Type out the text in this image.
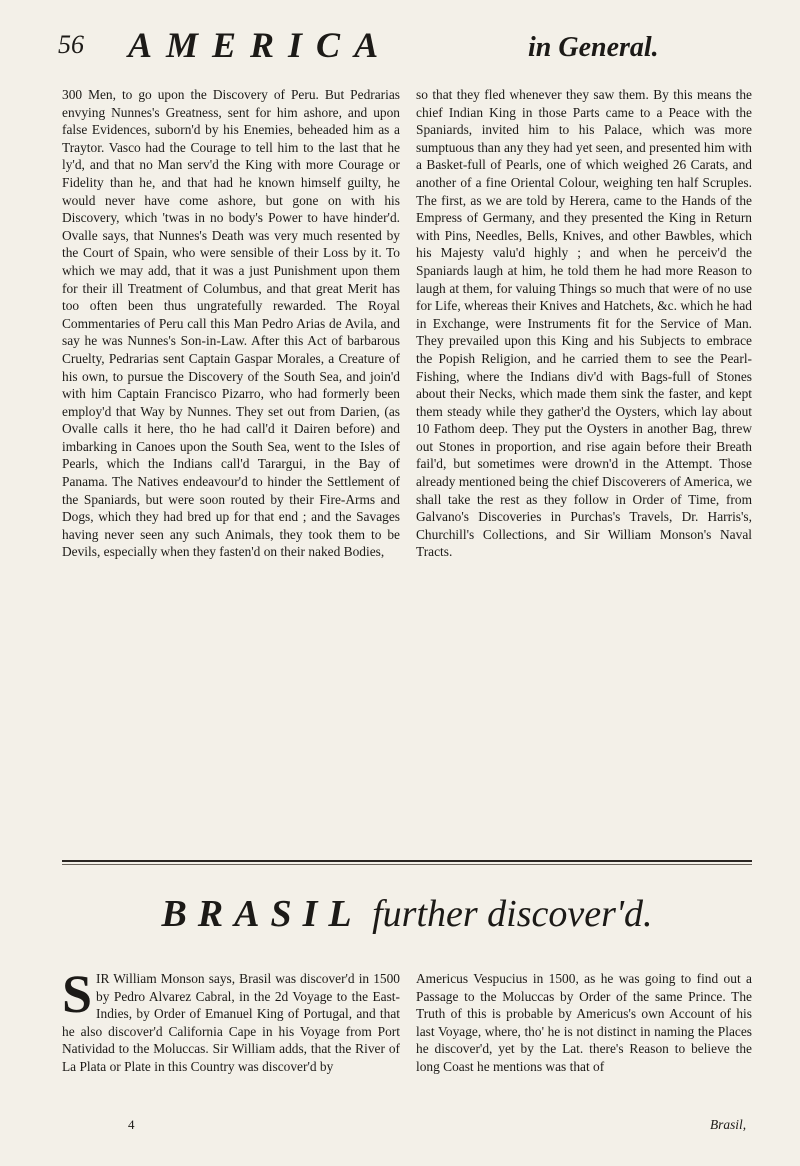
56 AMERICA	in General.

300 Men, to go upon the Discovery of Peru. But Pedrarias envying Nunnes's Greatness, sent for him ashore, and upon false Evidences, suborn'd by his Enemies, beheaded him as a Traytor. Vasco had the Courage to tell him to the last that he ly'd, and that no Man serv'd the King with more Courage or Fidelity than he, and that had he known himself guilty, he would never have come ashore, but gone on with his Discovery, which 'twas in no body's Power to have hinder'd. Ovalle says, that Nunnes's Death was very much resented by the Court of Spain, who were sensible of their Loss by it. To which we may add, that it was a just Punishment upon them for their ill Treatment of Columbus, and that great Merit has too often been thus ungratefully rewarded. The Royal Commentaries of Peru call this Man Pedro Arias de Avila, and say he was Nunnes's Son-in-Law. After this Act of barbarous Cruelty, Pedrarias sent Captain Gaspar Morales, a Creature of his own, to pursue the Discovery of the South Sea, and join'd with him Captain Francisco Pizarro, who had formerly been employ'd that Way by Nunnes. They set out from Darien, (as Ovalle calls it here, tho he had call'd it Dairen before) and imbarking in Canoes upon the South Sea, went to the Isles of Pearls, which the Indians call'd Tarargui, in the Bay of Panama. The Natives endeavour'd to hinder the Settlement of the Spaniards, but were soon routed by their Fire-Arms and Dogs, which they had bred up for that end ; and the Savages having never seen any such Animals, they took them to be Devils, especially when they fasten'd on their naked Bodies,

so that they fled whenever they saw them. By this means the chief Indian King in those Parts came to a Peace with the Spaniards, invited him to his Palace, which was more sumptuous than any they had yet seen, and presented him with a Basket-full of Pearls, one of which weighed 26 Carats, and another of a fine Oriental Colour, weighing ten half Scruples. The first, as we are told by Herera, came to the Hands of the Empress of Germany, and they presented the King in Return with Pins, Needles, Bells, Knives, and other Bawbles, which his Majesty valu'd highly ; and when he perceiv'd the Spaniards laugh at him, he told them he had more Reason to laugh at them, for valuing Things so much that were of no use for Life, whereas their Knives and Hatchets, &c. which he had in Exchange, were Instruments fit for the Service of Man. They prevailed upon this King and his Subjects to embrace the Popish Religion, and he carried them to see the Pearl-Fishing, where the Indians div'd with Bags-full of Stones about their Necks, which made them sink the faster, and kept them steady while they gather'd the Oysters, which lay about 10 Fathom deep. They put the Oysters in another Bag, threw out Stones in proportion, and rise again before their Breath fail'd, but sometimes were drown'd in the Attempt. Those already mentioned being the chief Discoverers of America, we shall take the rest as they follow in Order of Time, from Galvano's Discoveries in Purchas's Travels, Dr. Harris's, Churchill's Collections, and Sir William Monson's Naval Tracts.

BRASIL further discover'd.
S IR William Monson says, Brasil was discover'd in 1500 by Pedro Alvarez Cabral, in the 2d Voyage to the East-Indies, by Order of Emanuel King of Portugal, and that he also discover'd California Cape in his Voyage from Port Natividad to the Moluccas. Sir William adds, that the River of La Plata or Plate in this Country was discover'd by

Americus Vespucius in 1500, as he was going to find out a Passage to the Moluccas by Order of the same Prince. The Truth of this is probable by Americus's own Account of his last Voyage, where, tho' he is not distinct in naming the Places he discover'd, yet by the Lat. there's Reason to believe the long Coast he mentions was that of

4	Brasil,
